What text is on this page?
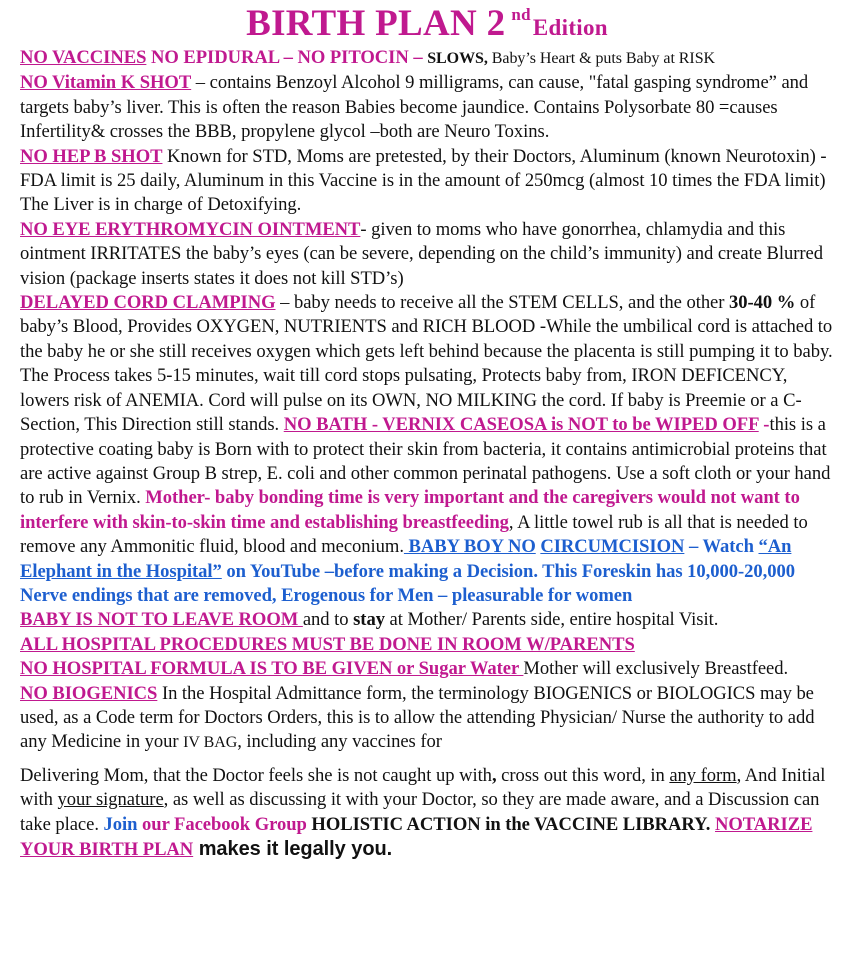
BIRTH PLAN 2 ndEdition
NO VACCINES NO EPIDURAL – NO PITOCIN – SLOWS, Baby’s Heart & puts Baby at RISK
NO Vitamin K SHOT – contains Benzoyl Alcohol 9 milligrams, can cause, "fatal gasping syndrome” and targets baby’s liver. This is often the reason Babies become jaundice. Contains Polysorbate 80 =causes Infertility& crosses the BBB, propylene glycol –both are Neuro Toxins.
NO HEP B SHOT Known for STD, Moms are pretested, by their Doctors, Aluminum (known Neurotoxin) - FDA limit is 25 daily, Aluminum in this Vaccine is in the amount of 250mcg (almost 10 times the FDA limit) The Liver is in charge of Detoxifying.
NO EYE ERYTHROMYCIN OINTMENT- given to moms who have gonorrhea, chlamydia and this ointment IRRITATES the baby’s eyes (can be severe, depending on the child’s immunity) and create Blurred vision (package inserts states it does not kill STD’s)
DELAYED CORD CLAMPING – baby needs to receive all the STEM CELLS, and the other 30-40 % of baby’s Blood, Provides OXYGEN, NUTRIENTS and RICH BLOOD -While the umbilical cord is attached to the baby he or she still receives oxygen which gets left behind because the placenta is still pumping it to baby. The Process takes 5-15 minutes, wait till cord stops pulsating, Protects baby from, IRON DEFICENCY, lowers risk of ANEMIA. Cord will pulse on its OWN, NO MILKING the cord. If baby is Preemie or a C-Section, This Direction still stands. NO BATH - VERNIX CASEOSA is NOT to be WIPED OFF -this is a protective coating baby is Born with to protect their skin from bacteria, it contains antimicrobial proteins that are active against Group B strep, E. coli and other common perinatal pathogens. Use a soft cloth or your hand to rub in Vernix. Mother- baby bonding time is very important and the caregivers would not want to interfere with skin-to-skin time and establishing breastfeeding, A little towel rub is all that is needed to remove any Ammonitic fluid, blood and meconium. BABY BOY NO CIRCUMCISION – Watch “An Elephant in the Hospital” on YouTube –before making a Decision. This Foreskin has 10,000-20,000 Nerve endings that are removed, Erogenous for Men – pleasurable for women
BABY IS NOT TO LEAVE ROOM and to stay at Mother/ Parents side, entire hospital Visit.
ALL HOSPITAL PROCEDURES MUST BE DONE IN ROOM W/PARENTS
NO HOSPITAL FORMULA IS TO BE GIVEN or Sugar Water Mother will exclusively Breastfeed.
NO BIOGENICS In the Hospital Admittance form, the terminology BIOGENICS or BIOLOGICS may be used, as a Code term for Doctors Orders, this is to allow the attending Physician/ Nurse the authority to add any Medicine in your IV BAG, including any vaccines for
Delivering Mom, that the Doctor feels she is not caught up with, cross out this word, in any form, And Initial with your signature, as well as discussing it with your Doctor, so they are made aware, and a Discussion can take place. Join our Facebook Group HOLISTIC ACTION in the VACCINE LIBRARY. NOTARIZE YOUR BIRTH PLAN makes it legally you.
